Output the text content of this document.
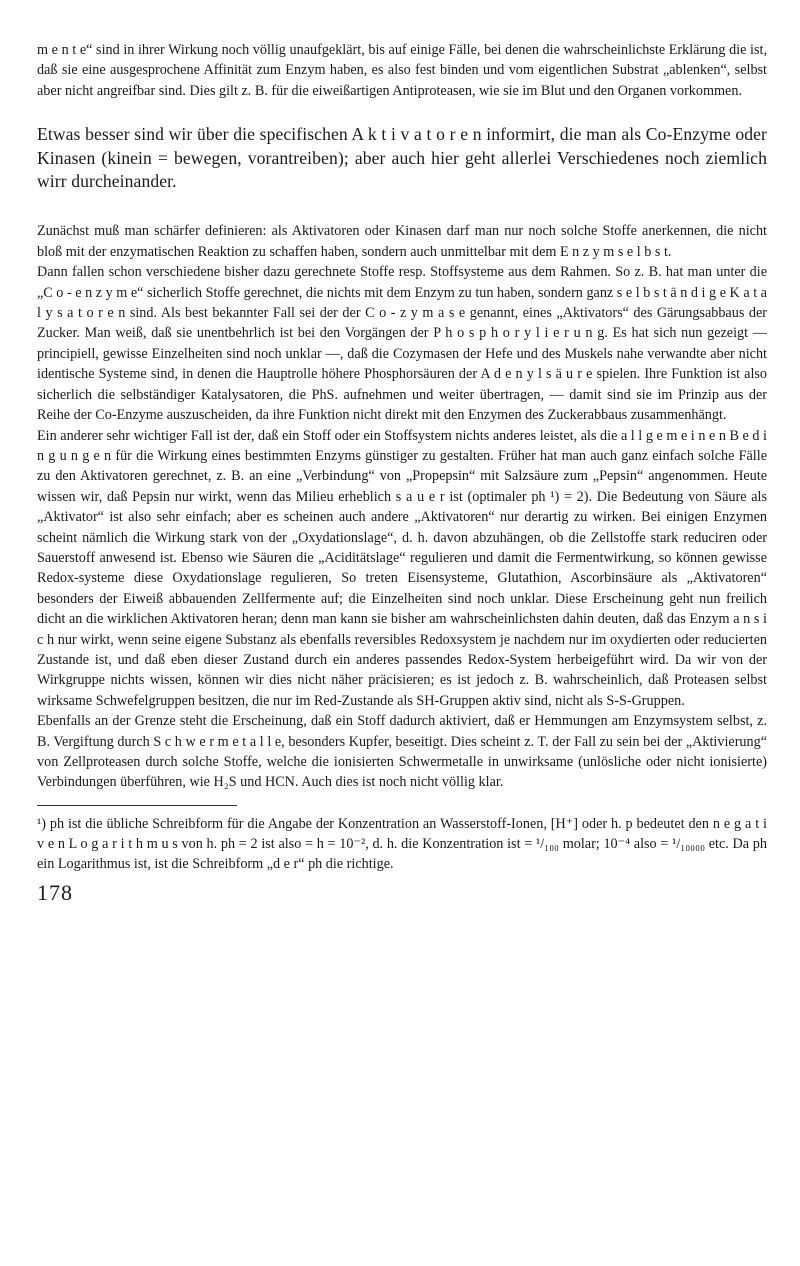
m e n t e“ sind in ihrer Wirkung noch völlig unaufgeklärt, bis auf einige Fälle, bei denen die wahrscheinlichste Erklärung die ist, daß sie eine ausgesprochene Affinität zum Enzym haben, es also fest binden und vom eigentlichen Substrat „ablenken“, selbst aber nicht angreifbar sind. Dies gilt z. B. für die eiweißartigen Antiproteasen, wie sie im Blut und den Organen vorkommen.

Etwas besser sind wir über die specifischen A k t i v a t o r e n informirt, die man als Co-Enzyme oder Kinasen (kinein = bewegen, vorantreiben); aber auch hier geht allerlei Verschiedenes noch ziemlich wirr durcheinander.

Zunächst muß man schärfer definieren: als Aktivatoren oder Kinasen darf man nur noch solche Stoffe anerkennen, die nicht bloß mit der enzymatischen Reaktion zu schaffen haben, sondern auch unmittelbar mit dem E n z y m s e l b s t.

Dann fallen schon verschiedene bisher dazu gerechnete Stoffe resp. Stoffsysteme aus dem Rahmen. So z. B. hat man unter die „C o - e n z y m e“ sicherlich Stoffe gerechnet, die nichts mit dem Enzym zu tun haben, sondern ganz s e l b s t ä n d i g e K a t a l y s a t o r e n sind. Als best bekannter Fall sei der der C o - z y m a s e genannt, eines „Aktivators“ des Gärungsabbaus der Zucker. Man weiß, daß sie unentbehrlich ist bei den Vorgängen der P h o s p h o r y l i e r u n g. Es hat sich nun gezeigt — principiell, gewisse Einzelheiten sind noch unklar —, daß die Cozymasen der Hefe und des Muskels nahe verwandte aber nicht identische Systeme sind, in denen die Hauptrolle höhere Phosphorsäuren der A d e n y l s ä u r e spielen. Ihre Funktion ist also sicherlich die selbständiger Katalysatoren, die PhS. aufnehmen und weiter übertragen, — damit sind sie im Prinzip aus der Reihe der Co-Enzyme auszuscheiden, da ihre Funktion nicht direkt mit den Enzymen des Zuckerabbaus zusammenhängt.

Ein anderer sehr wichtiger Fall ist der, daß ein Stoff oder ein Stoffsystem nichts anderes leistet, als die a l l g e m e i n e n B e d i n g u n g e n für die Wirkung eines bestimmten Enzyms günstiger zu gestalten. Früher hat man auch ganz einfach solche Fälle zu den Aktivatoren gerechnet, z. B. an eine „Verbindung“ von „Propepsin“ mit Salzsäure zum „Pepsin“ angenommen. Heute wissen wir, daß Pepsin nur wirkt, wenn das Milieu erheblich s a u e r ist (optimaler ph ¹) = 2). Die Bedeutung von Säure als „Aktivator“ ist also sehr einfach; aber es scheinen auch andere „Aktivatoren“ nur derartig zu wirken. Bei einigen Enzymen scheint nämlich die Wirkung stark von der „Oxydationslage“, d. h. davon abzuhängen, ob die Zellstoffe stark reduciren oder Sauerstoff anwesend ist. Ebenso wie Säuren die „Aciditätslage“ regulieren und damit die Fermentwirkung, so können gewisse Redox-systeme diese Oxydationslage regulieren, So treten Eisensysteme, Glutathion, Ascorbinsäure als „Aktivatoren“ besonders der Eiweiß abbauenden Zellfermente auf; die Einzelheiten sind noch unklar. Diese Erscheinung geht nun freilich dicht an die wirklichen Aktivatoren heran; denn man kann sie bisher am wahrscheinlichsten dahin deuten, daß das Enzym a n s i c h nur wirkt, wenn seine eigene Substanz als ebenfalls reversibles Redoxsystem je nachdem nur im oxydierten oder reducierten Zustande ist, und daß eben dieser Zustand durch ein anderes passendes Redox-System herbeigeführt wird. Da wir von der Wirkgruppe nichts wissen, können wir dies nicht näher präcisieren; es ist jedoch z. B. wahrscheinlich, daß Proteasen selbst wirksame Schwefelgruppen besitzen, die nur im Red-Zustande als SH-Gruppen aktiv sind, nicht als S-S-Gruppen.

Ebenfalls an der Grenze steht die Erscheinung, daß ein Stoff dadurch aktiviert, daß er Hemmungen am Enzymsystem selbst, z. B. Vergiftung durch S c h w e r m e t a l l e, besonders Kupfer, beseitigt. Dies scheint z. T. der Fall zu sein bei der „Aktivierung“ von Zellproteasen durch solche Stoffe, welche die ionisierten Schwermetalle in unwirksame (unlösliche oder nicht ionisierte) Verbindungen überführen, wie H₂S und HCN. Auch dies ist noch nicht völlig klar.

¹) ph ist die übliche Schreibform für die Angabe der Konzentration an Wasserstoff-Ionen, [H⁺] oder h. p bedeutet den n e g a t i v e n L o g a r i t h m u s von h. ph = 2 ist also = h = 10⁻², d. h. die Konzentration ist = ¹/₁₀₀ molar; 10⁻⁴ also = ¹/₁₀₀₀₀ etc. Da ph ein Logarithmus ist, ist die Schreibform „d e r“ ph die richtige.

178
